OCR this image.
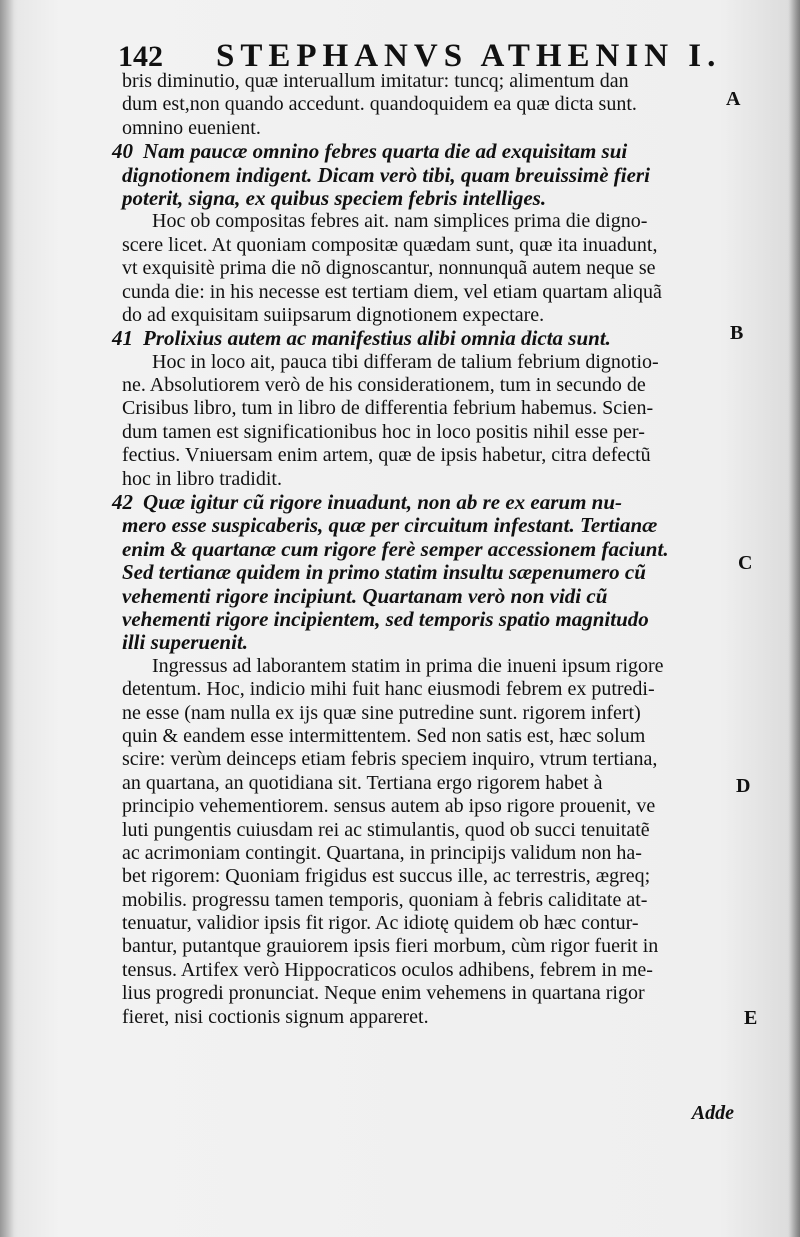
142 STEPHANVS ATHENIN I.
bris diminutio, quæ interuallum imitatur: tuncq; alimentum dan
dum est,non quando accedunt. quandoquidem ea quæ dicta sunt.
omnino euenient.
40 Nam paucæ omnino febres quarta die ad exquisitam sui
dignotionem indigent. Dicam verò tibi, quam breuissimè fieri
poterit, signa, ex quibus speciem febris intelliges.
Hoc ob compositas febres ait. nam simplices prima die digno-
scere licet. At quoniam compositæ quædam sunt, quæ ita inuadunt,
vt exquisitè prima die nõ dignoscantur, nonnunquã autem neque se
cunda die: in his necesse est tertiam diem, vel etiam quartam aliquã
do ad exquisitam suiipsarum dignotionem expectare.
41 Prolixius autem ac manifestius alibi omnia dicta sunt.
Hoc in loco ait, pauca tibi differam de talium febrium dignotio-
ne. Absolutiorem verò de his considerationem, tum in secundo de
Crisibus libro, tum in libro de differentia febrium habemus. Scien-
dum tamen est significationibus hoc in loco positis nihil esse per-
fectius. Vniuersam enim artem, quæ de ipsis habetur, citra defectũ
hoc in libro tradidit.
42 Quæ igitur cũ rigore inuadunt, non ab re ex earum nu-
mero esse suspicaberis, quæ per circuitum infestant. Tertianæ
enim & quartanæ cum rigore ferè semper accessionem faciunt.
Sed tertianæ quidem in primo statim insultu sæpenumero cũ
vehementi rigore incipiunt. Quartanam verò non vidi cũ
vehementi rigore incipientem, sed temporis spatio magnitudo
illi superuenit.
Ingressus ad laborantem statim in prima die inueni ipsum rigore
detentum. Hoc, indicio mihi fuit hanc eiusmodi febrem ex putredi-
ne esse (nam nulla ex ijs quæ sine putredine sunt. rigorem infert)
quin & eandem esse intermittentem. Sed non satis est, hæc solum
scire: verùm deinceps etiam febris speciem inquiro, vtrum tertiana,
an quartana, an quotidiana sit. Tertiana ergo rigorem habet à
principio vehementiorem. sensus autem ab ipso rigore prouenit, ve
luti pungentis cuiusdam rei ac stimulantis, quod ob succi tenuitatẽ
ac acrimoniam contingit. Quartana, in principijs validum non ha-
bet rigorem: Quoniam frigidus est succus ille, ac terrestris, ægreq;
mobilis. progressu tamen temporis, quoniam à febris caliditate at-
tenuatur, validior ipsis fit rigor. Ac idiotę quidem ob hæc contur-
bantur, putantque grauiorem ipsis fieri morbum, cùm rigor fuerit in
tensus. Artifex verò Hippocraticos oculos adhibens, febrem in me-
lius progredi pronunciat. Neque enim vehemens in quartana rigor
fieret, nisi coctionis signum appareret.
A
B
C
D
E
Adde
